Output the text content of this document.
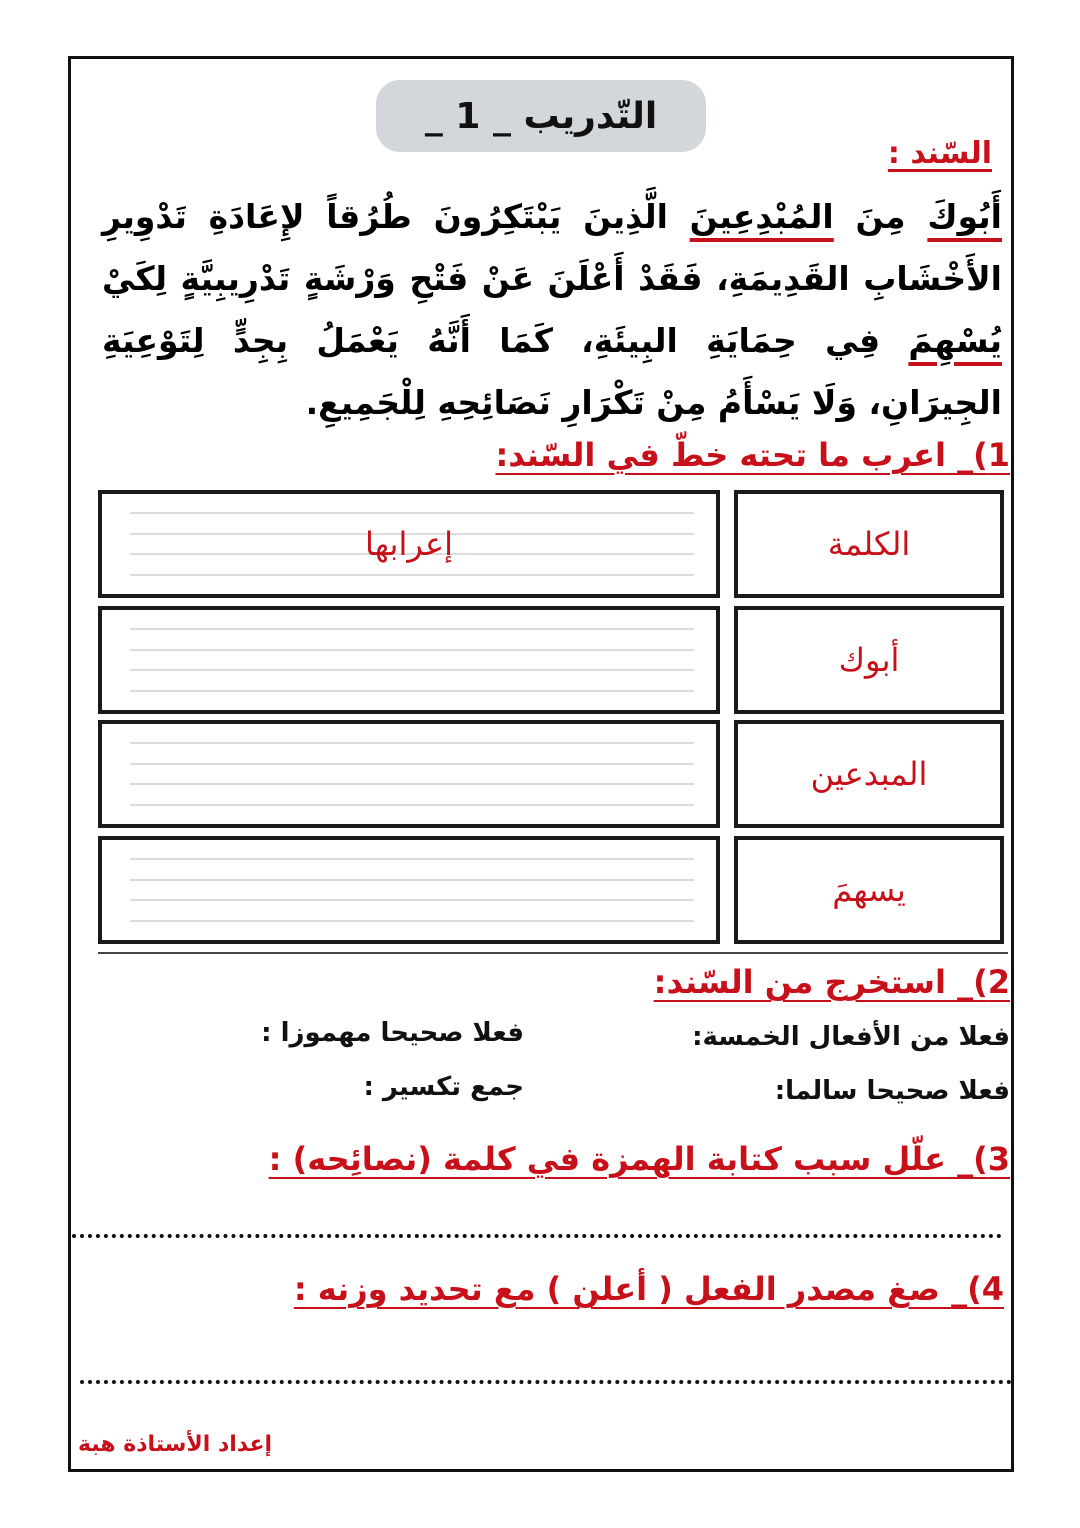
التّدريب _ 1 _
السّند :
أَبُوكَ مِنَ المُبْدِعِينَ الَّذِينَ يَبْتَكِرُونَ طُرُقاً لإِعَادَةِ تَدْوِيرِ الأَخْشَابِ القَدِيمَةِ، فَقَدْ أَعْلَنَ عَنْ فَتْحِ وَرْشَةٍ تَدْرِيبِيَّةٍ لِكَيْ يُسْهِمَ فِي حِمَايَةِ البِيئَةِ، كَمَا أَنَّهُ يَعْمَلُ بِجِدٍّ لِتَوْعِيَةِ الجِيرَانِ، وَلَا يَسْأَمُ مِنْ تَكْرَارِ نَصَائِحِهِ لِلْجَمِيعِ.
1)_ اعرب ما تحته خطّ في السّند:
الكلمة
إعرابها
أبوك
المبدعين
يسهمَ
2)_ استخرج من السّند:
فعلا من الأفعال الخمسة:
فعلا صحيحا مهموزا :
فعلا صحيحا سالما:
جمع تكسير :
3)_ علّل سبب كتابة الهمزة في كلمة (نصائِحه) :
4)_ صغ مصدر الفعل ( أعلن ) مع تحديد وزنه :
إعداد الأستاذة هبة
